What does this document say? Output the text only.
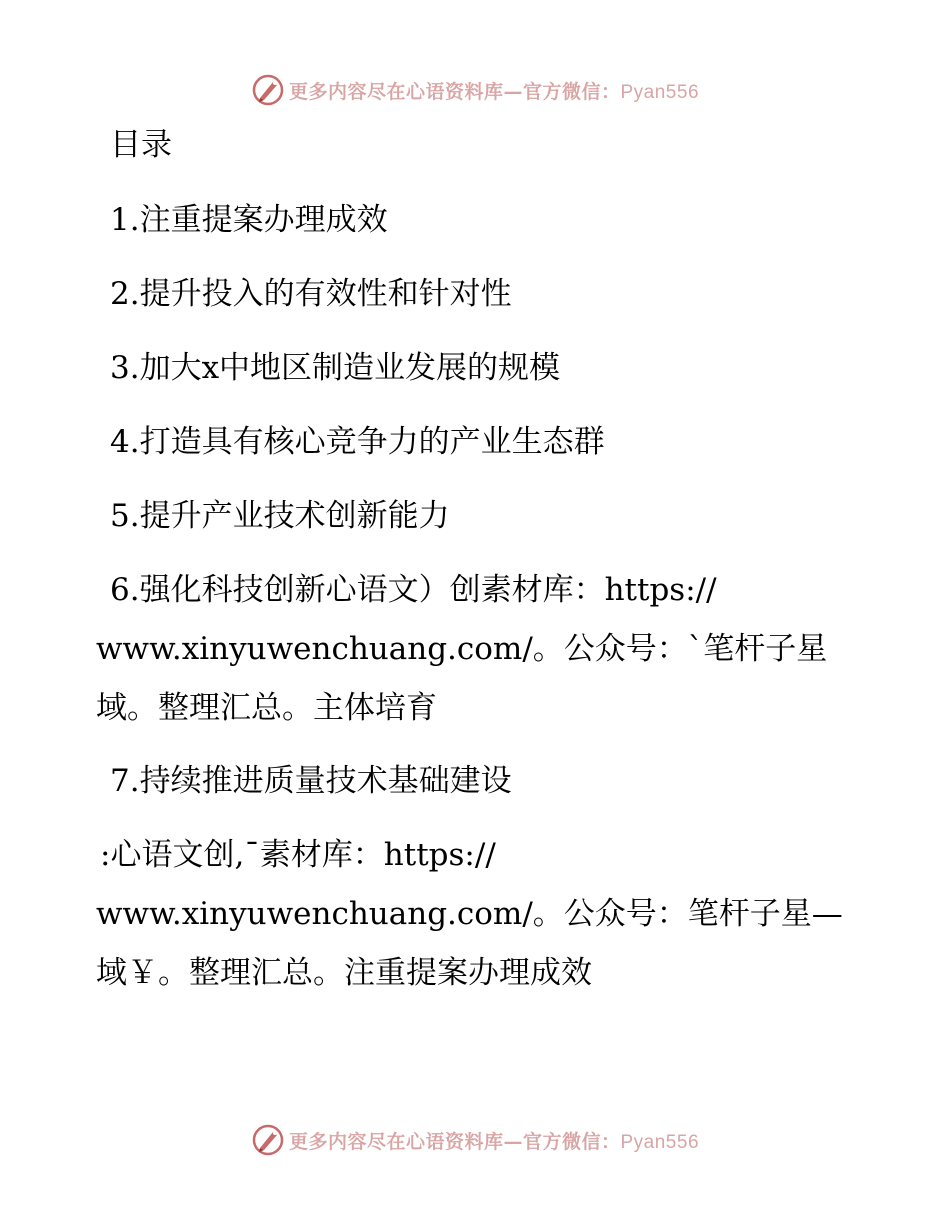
更多内容尽在心语资料库—官方微信：Pyan556
目录
1.注重提案办理成效
2.提升投入的有效性和针对性
3.加大x中地区制造业发展的规模
4.打造具有核心竞争力的产业生态群
5.提升产业技术创新能力
6.强化科技创新心语文）创素材库：https://
www.xinyuwenchuang.com/。公众号：`笔杆子星
域。整理汇总。主体培育
7.持续推进质量技术基础建设
:心语文创,¯素材库：https://
www.xinyuwenchuang.com/。公众号：笔杆子星—
域￥。整理汇总。注重提案办理成效
更多内容尽在心语资料库—官方微信：Pyan556
